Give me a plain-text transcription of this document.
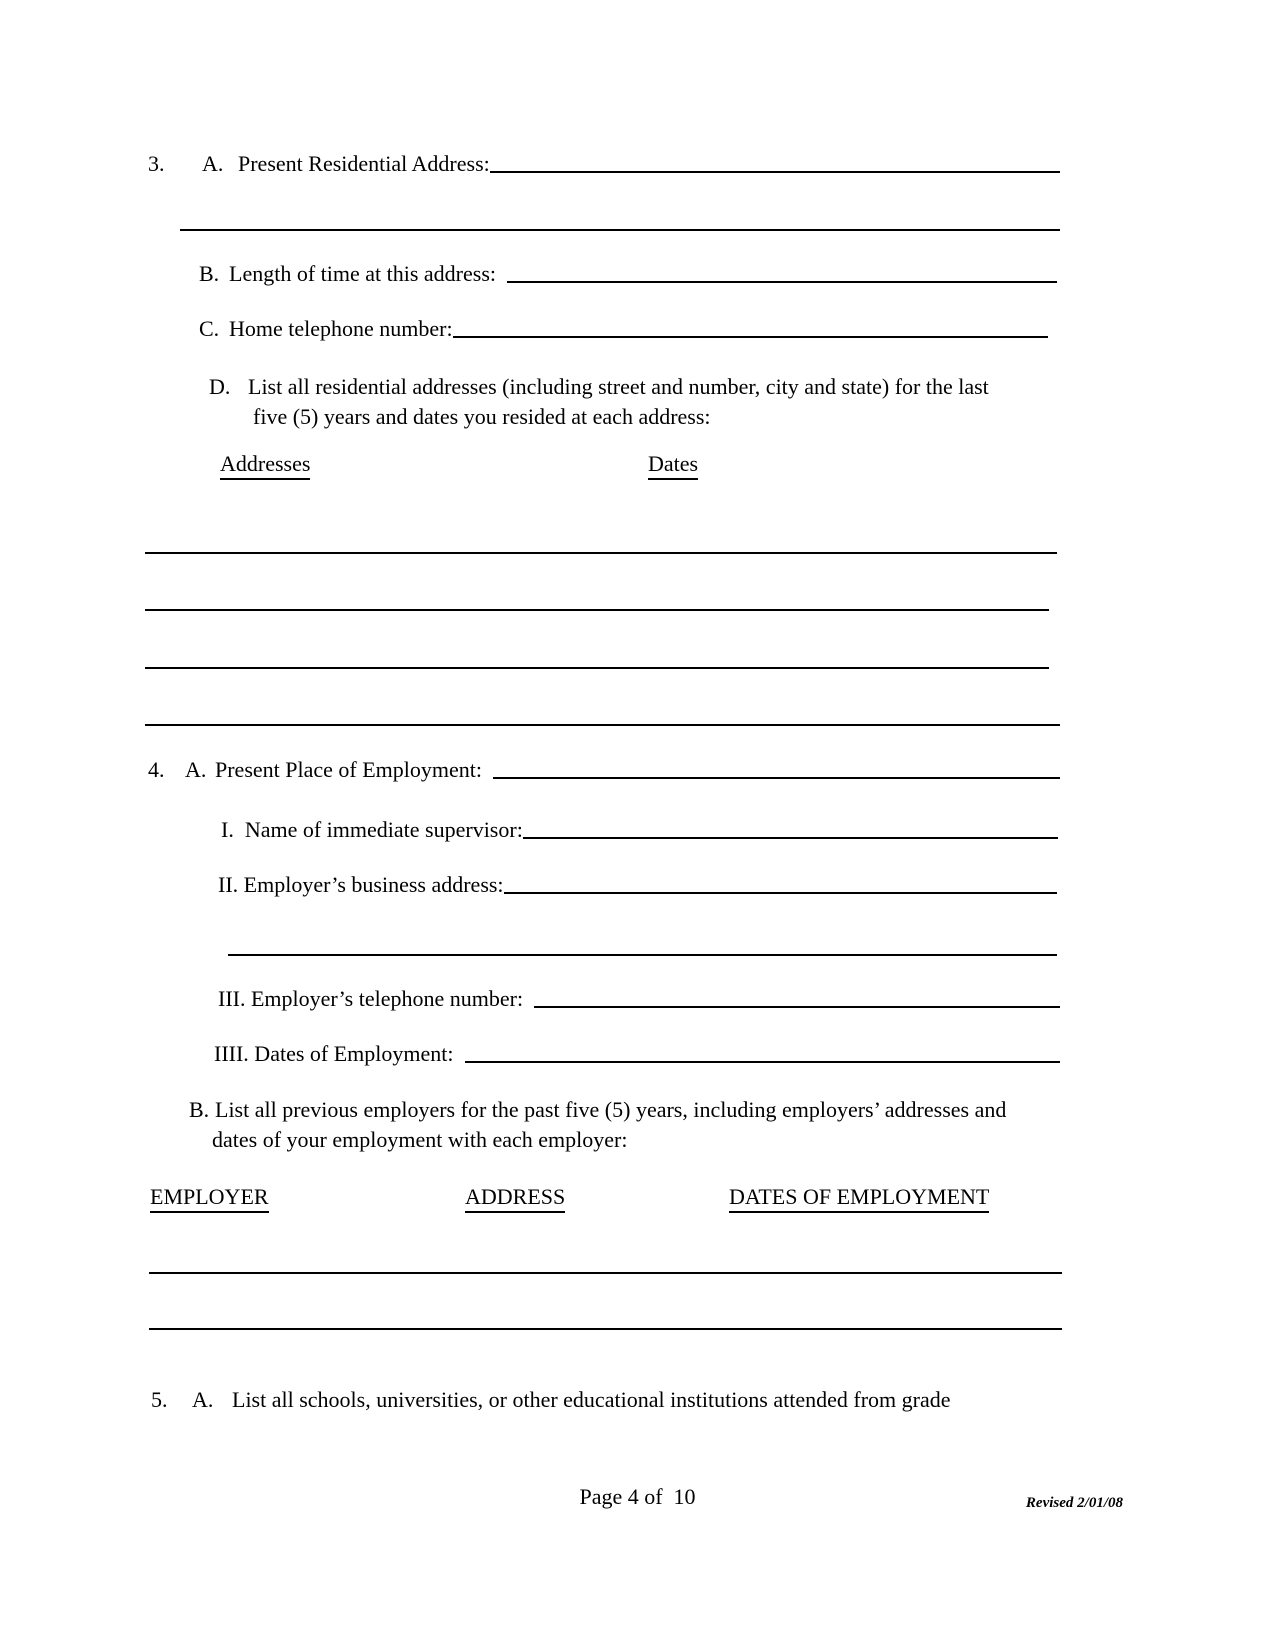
3.	A. Present Residential Address:
B. Length of time at this address:
C. Home telephone number:
D. List all residential addresses (including street and number, city and state) for the last
five (5) years and dates you resided at each address:
Addresses	Dates
4. A. Present Place of Employment:
I.  Name of immediate supervisor:
II. Employer’s business address:
III. Employer’s telephone number:
IIII. Dates of Employment:
B. List all previous employers for the past five (5) years, including employers’ addresses and
dates of your employment with each employer:
EMPLOYER	ADDRESS	DATES OF EMPLOYMENT
5.	A. List all schools, universities, or other educational institutions attended from grade
Page 4 of  10	Revised 2/01/08
